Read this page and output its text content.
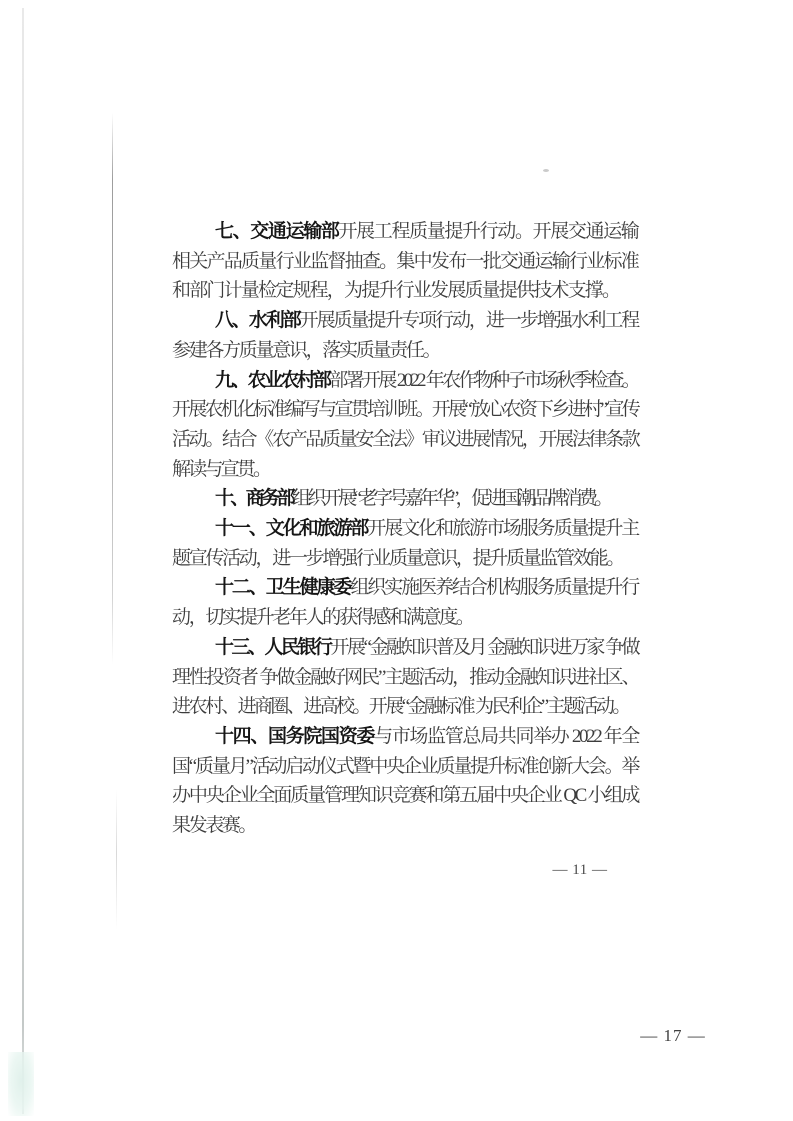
七、交通运输部开展工程质量提升行动。开展交通运输相关产品质量行业监督抽查。集中发布一批交通运输行业标准和部门计量检定规程，为提升行业发展质量提供技术支撑。

八、水利部开展质量提升专项行动，进一步增强水利工程参建各方质量意识，落实质量责任。

九、农业农村部部署开展 2022 年农作物种子市场秋季检查。开展农机化标准编写与宣贯培训班。开展“放心农资下乡进村”宣传活动。结合《农产品质量安全法》审议进展情况，开展法律条款解读与宣贯。

十、商务部组织开展“老字号嘉年华”，促进国潮品牌消费。

十一、文化和旅游部开展文化和旅游市场服务质量提升主题宣传活动，进一步增强行业质量意识，提升质量监管效能。

十二、卫生健康委组织实施医养结合机构服务质量提升行动，切实提升老年人的获得感和满意度。

十三、人民银行开展“金融知识普及月 金融知识进万家 争做理性投资者 争做金融好网民”主题活动，推动金融知识进社区、进农村、进商圈、进高校。开展“金融标准 为民利企”主题活动。

十四、国务院国资委与市场监管总局共同举办 2022 年全国“质量月”活动启动仪式暨中央企业质量提升标准创新大会。举办中央企业全面质量管理知识竞赛和第五届中央企业 QC 小组成果发表赛。

— 11 —
— 17 —
